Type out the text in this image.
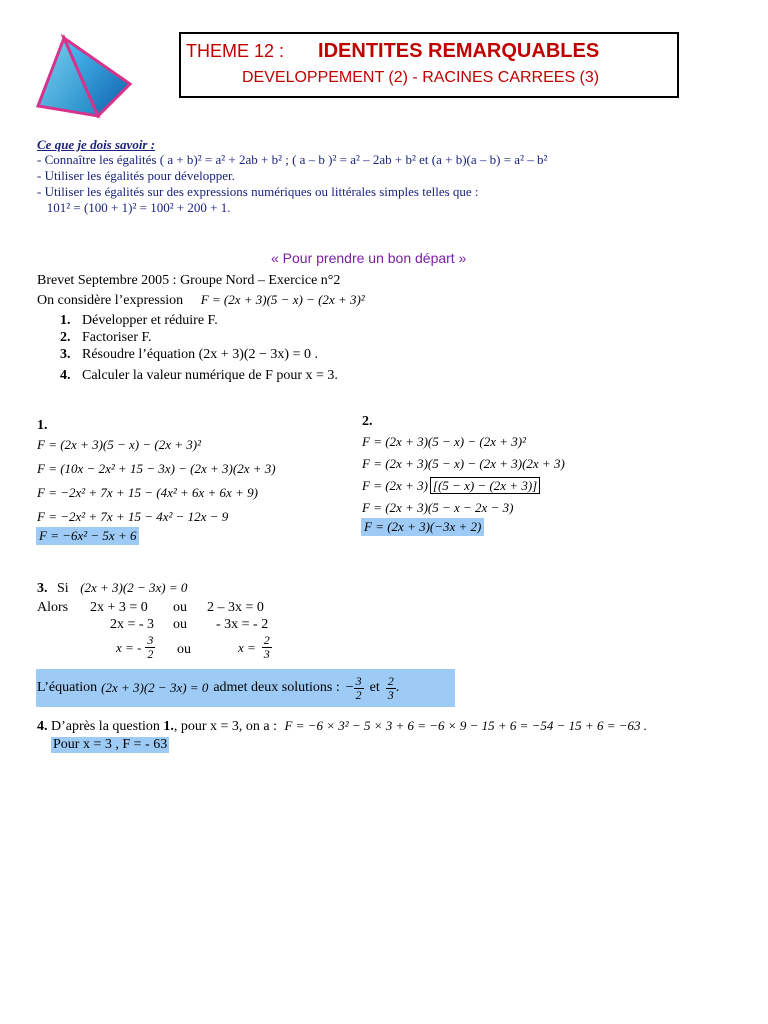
THEME 12 : IDENTITES REMARQUABLES
DEVELOPPEMENT (2) - RACINES CARREES (3)
Ce que je dois savoir :
- Connaître les égalités ( a + b)² = a² + 2ab + b² ; ( a – b )² = a² – 2ab + b² et (a + b)(a – b) = a² – b²
- Utiliser les égalités pour développer.
- Utiliser les égalités sur des expressions numériques ou littérales simples telles que :
101² = (100 + 1)² = 100² + 200 + 1.
« Pour prendre un bon départ »
Brevet Septembre 2005 : Groupe Nord – Exercice n°2
On considère l’expression F = (2x + 3)(5 − x) − (2x + 3)²
1. Développer et réduire F.
2. Factoriser F.
3. Résoudre l’équation (2x + 3)(2 − 3x) = 0 .
4. Calculer la valeur numérique de F pour x = 3.
1.
F = (2x + 3)(5 − x) − (2x + 3)²
F = (10x − 2x² + 15 − 3x) − (2x + 3)(2x + 3)
F = −2x² + 7x + 15 − (4x² + 6x + 6x + 9)
F = −2x² + 7x + 15 − 4x² − 12x − 9
F = −6x² − 5x + 6
2.
F = (2x + 3)(5 − x) − (2x + 3)²
F = (2x + 3)(5 − x) − (2x + 3)(2x + 3)
F = (2x + 3) [(5 − x) − (2x + 3)]
F = (2x + 3)(5 − x − 2x − 3)
F = (2x + 3)(−3x + 2)
3. Si (2x + 3)(2 − 3x) = 0
Alors 2x + 3 = 0 ou 2 – 3x = 0
2x = - 3 ou - 3x = - 2
x = - $\frac{3}{2}$ ou	$x = \frac{2}{3}$
L’équation (2x + 3)(2 − 3x) = 0 admet deux solutions : − $\frac{3}{2}$ et $\frac{2}{3}$ .
4. D’après la question 1., pour x = 3, on a : F = −6 × 3² − 5 × 3 + 6 = −6 × 9 − 15 + 6 = −54 − 15 + 6 = −63 .
Pour x = 3 , F = - 63
